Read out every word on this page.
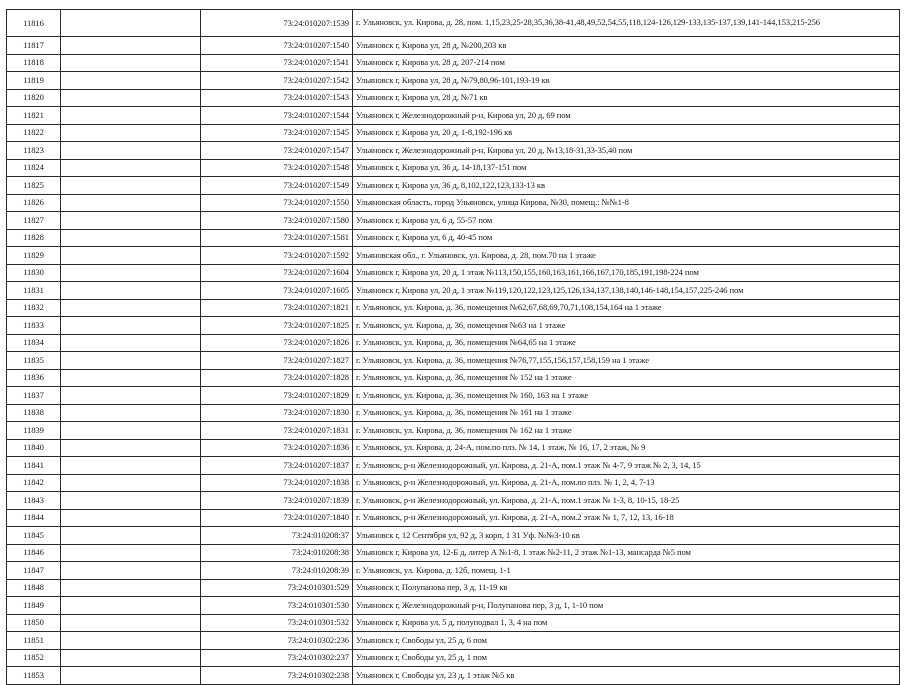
11816		73:24:010207:1539	г. Ульяновск, ул. Кирова, д. 28, пом. 1,15,23,25-28,35,36,38-41,48,49,52,54,55,118,124-126,129-133,135-137,139,141-144,153,215-256
11817		73:24:010207:1540	Ульяновск г, Кирова ул, 28 д, №200,203 кв
11818		73:24:010207:1541	Ульяновск г, Кирова ул, 28 д, 207-214 пом
11819		73:24:010207:1542	Ульяновск г, Кирова ул, 28 д, №79,80,96-101,193-19 кв
11820		73:24:010207:1543	Ульяновск г, Кирова ул, 28 д, №71 кв
11821		73:24:010207:1544	Ульяновск г, Железнодорожный р-н, Кирова ул, 20 д, 69 пом
11822		73:24:010207:1545	Ульяновск г, Кирова ул, 20 д, 1-8,192-196 кв
11823		73:24:010207:1547	Ульяновск г, Железнодорожный р-н, Кирова ул, 20 д, №13,18-31,33-35,40 пом
11824		73:24:010207:1548	Ульяновск г, Кирова ул, 36 д, 14-18,137-151 пом
11825		73:24:010207:1549	Ульяновск г, Кирова ул, 36 д, 8,102,122,123,133-13 кв
11826		73:24:010207:1550	Ульяновская область, город Ульяновск, улица Кирова, №30, помещ.: №№1-8
11827		73:24:010207:1580	Ульяновск г, Кирова ул, 6 д, 55-57 пом
11828		73:24:010207:1581	Ульяновск г, Кирова ул, 6 д, 40-45 пом
11829		73:24:010207:1592	Ульяновская обл., г. Ульяновск, ул. Кирова, д. 28, пом.70 на 1 этаже
11830		73:24:010207:1604	Ульяновск г, Кирова ул, 20 д, 1 этаж №113,150,155,160,163,161,166,167,170,185,191,198-224 пом
11831		73:24:010207:1605	Ульяновск г, Кирова ул, 20 д, 1 этаж №119,120,122,123,125,126,134,137,138,140,146-148,154,157,225-246 пом
11832		73:24:010207:1821	г. Ульяновск, ул. Кирова, д. 36, помещения №62,67,68,69,70,71,108,154,164 на 1 этаже
11833		73:24:010207:1825	г. Ульяновск, ул. Кирова, д. 36, помещения №63 на 1 этаже
11834		73:24:010207:1826	г. Ульяновск, ул. Кирова, д. 36, помещения №64,65 на 1 этаже
11835		73:24:010207:1827	г. Ульяновск, ул. Кирова, д. 36, помещения №76,77,155,156,157,158,159 на 1 этаже
11836		73:24:010207:1828	г. Ульяновск, ул. Кирова, д. 36, помещения № 152 на 1 этаже
11837		73:24:010207:1829	г. Ульяновск, ул. Кирова, д. 36, помещения № 160, 163 на 1 этаже
11838		73:24:010207:1830	г. Ульяновск, ул. Кирова, д. 36, помещения № 161 на 1 этаже
11839		73:24:010207:1831	г. Ульяновск, ул. Кирова, д. 36, помещения № 162 на 1 этаже
11840		73:24:010207:1836	г. Ульяновск, ул. Кирова, д. 24-А, пом.по плз. № 14, 1 этаж, № 16, 17, 2 этаж, № 9
11841		73:24:010207:1837	г. Ульяновск, р-н Железнодорожный, ул. Кирова, д. 21-А, пом.1 этаж № 4-7, 9 этаж № 2, 3, 14, 15
11842		73:24:010207:1838	г. Ульяновск, р-н Железнодорожный, ул. Кирова, д. 21-А, пом.по плз. № 1, 2, 4, 7-13
11843		73:24:010207:1839	г. Ульяновск, р-н Железнодорожный, ул. Кирова, д. 21-А, пом.1 этаж № 1-3, 8, 10-15, 18-25
11844		73:24:010207:1840	г. Ульяновск, р-н Железнодорожный, ул. Кирова, д. 21-А, пом.2 этаж № 1, 7, 12, 13, 16-18
11845		73:24:010208:37	Ульяновск г, 12 Сентября ул, 92 д, 3 корп, 1 31 Уф. №№3-10 кв
11846		73:24:010208:38	Ульяновск г, Кирова ул, 12-Б д, литер А №1-8, 1 этаж №2-11, 2 этаж №1-13, мансарда №5 пом
11847		73:24:010208:39	г. Ульяновск, ул. Кирова, д. 12б, помещ. 1-1
11848		73:24:010301:529	Ульяновск г, Полупанова пер, 3 д, 11-19 кв
11849		73:24:010301:530	Ульяновск г, Железнодорожный р-н, Полупанова пер, 3 д, 1, 1-10 пом
11850		73:24:010301:532	Ульяновск г, Кирова ул, 5 д, полуподвал 1, 3, 4 на пом
11851		73:24:010302:236	Ульяновск г, Свободы ул, 25 д, 6 пом
11852		73:24:010302:237	Ульяновск г, Свободы ул, 25 д, 1 пом
11853		73:24:010302:238	Ульяновск г, Свободы ул, 23 д, 1 этаж №5 кв
